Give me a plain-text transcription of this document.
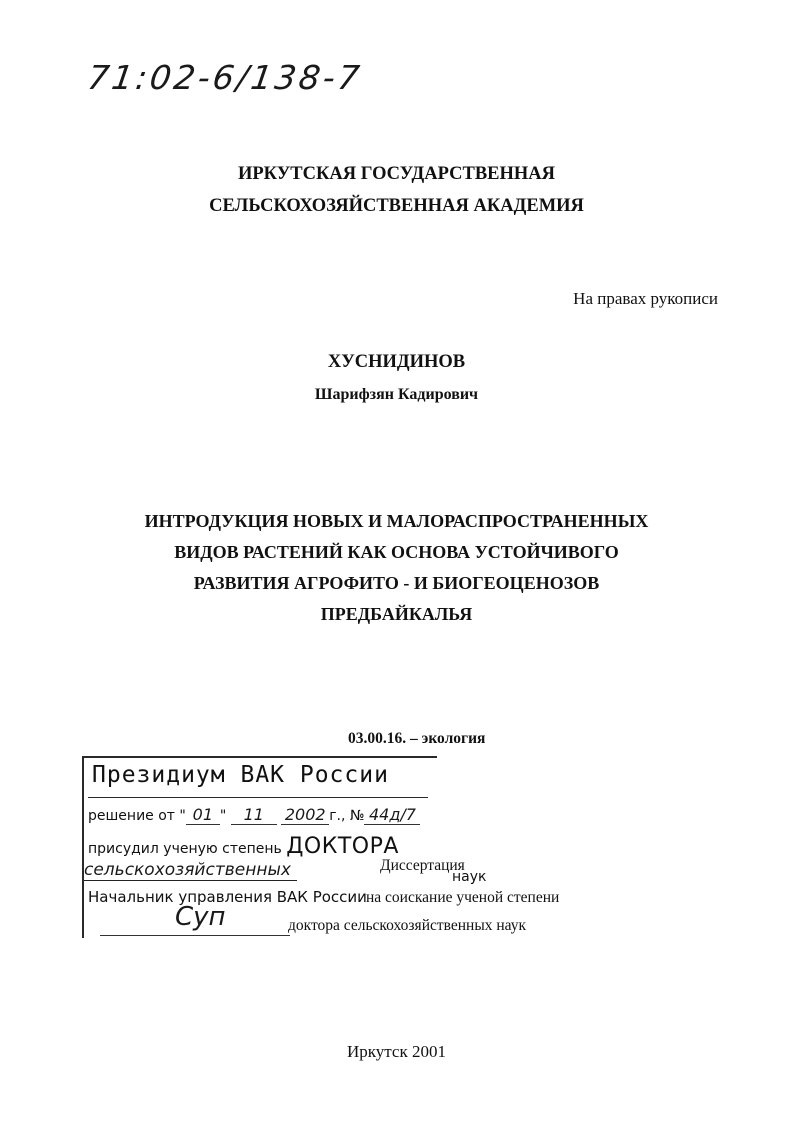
71:02-6/138-7
ИРКУТСКАЯ ГОСУДАРСТВЕННАЯ
СЕЛЬСКОХОЗЯЙСТВЕННАЯ АКАДЕМИЯ
На правах рукописи
ХУСНИДИНОВ
Шарифзян Кадирович
ИНТРОДУКЦИЯ НОВЫХ И МАЛОРАСПРОСТРАНЕННЫХ
ВИДОВ РАСТЕНИЙ КАК ОСНОВА УСТОЙЧИВОГО
РАЗВИТИЯ АГРОФИТО - И БИОГЕОЦЕНОЗОВ
ПРЕДБАЙКАЛЬЯ
03.00.16. – экология
Диссертация
на соискание ученой степени
доктора сельскохозяйственных наук
Президиум ВАК России
решение от " 01 " 11 2002 г., № 44д/7
присудил ученую степень ДОКТОРА
сельскохозяйственных	наук
Начальник управления ВАК России
Суп
Иркутск 2001
